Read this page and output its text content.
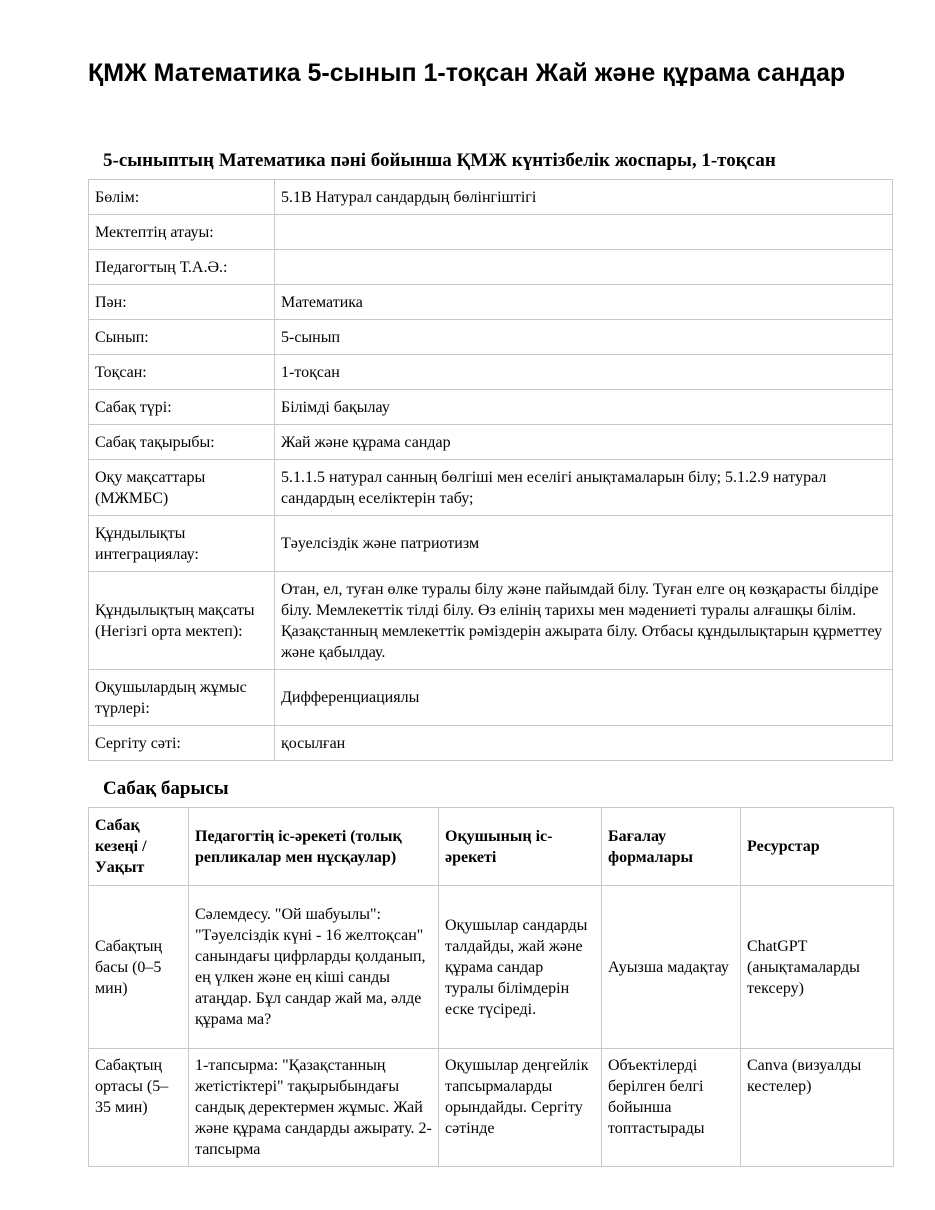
ҚМЖ Математика 5-сынып 1-тоқсан Жай және құрама сандар
5-сыныптың Математика пәні бойынша ҚМЖ күнтізбелік жоспары, 1-тоқсан
Бөлім:	5.1В Натурал сандардың бөлінгіштігі
Мектептің атауы:	
Педагогтың Т.А.Ә.:	
Пән:	Математика
Сынып:	5-сынып
Тоқсан:	1-тоқсан
Сабақ түрі:	Білімді бақылау
Сабақ тақырыбы:	Жай және құрама сандар
Оқу мақсаттары (МЖМБС)	5.1.1.5 натурал санның бөлгіші мен еселігі анықтамаларын білу; 5.1.2.9 натурал сандардың еселіктерін табу;
Құндылықты интеграциялау:	Тәуелсіздік және патриотизм
Құндылықтың мақсаты (Негізгі орта мектеп):	Отан, ел, туған өлке туралы білу және пайымдай білу. Туған елге оң көзқарасты білдіре білу. Мемлекеттік тілді білу. Өз елінің тарихы мен мәдениеті туралы алғашқы білім. Қазақстанның мемлекеттік рәміздерін ажырата білу. Отбасы құндылықтарын құрметтеу және қабылдау.
Оқушылардың жұмыс түрлері:	Дифференциациялы
Сергіту сәті:	қосылған
Сабақ барысы
Сабақ кезеңі / Уақыт	Педагогтің іс-әрекеті (толық репликалар мен нұсқаулар)	Оқушының іс-әрекеті	Бағалау формалары	Ресурстар
Сабақтың басы (0–5 мин)	Сәлемдесу. "Ой шабуылы": "Тәуелсіздік күні - 16 желтоқсан" санындағы цифрларды қолданып, ең үлкен және ең кіші санды атаңдар. Бұл сандар жай ма, әлде құрама ма?	Оқушылар сандарды талдайды, жай және құрама сандар туралы білімдерін еске түсіреді.	Ауызша мадақтау	ChatGPT (анықтамаларды тексеру)
Сабақтың ортасы (5–35 мин)	1-тапсырма: "Қазақстанның жетістіктері" тақырыбындағы сандық деректермен жұмыс. Жай және құрама сандарды ажырату. 2-тапсырма	Оқушылар деңгейлік тапсырмаларды орындайды. Сергіту сәтінде	Объектілерді берілген белгі бойынша топтастырады	Canva (визуалды кестелер)
